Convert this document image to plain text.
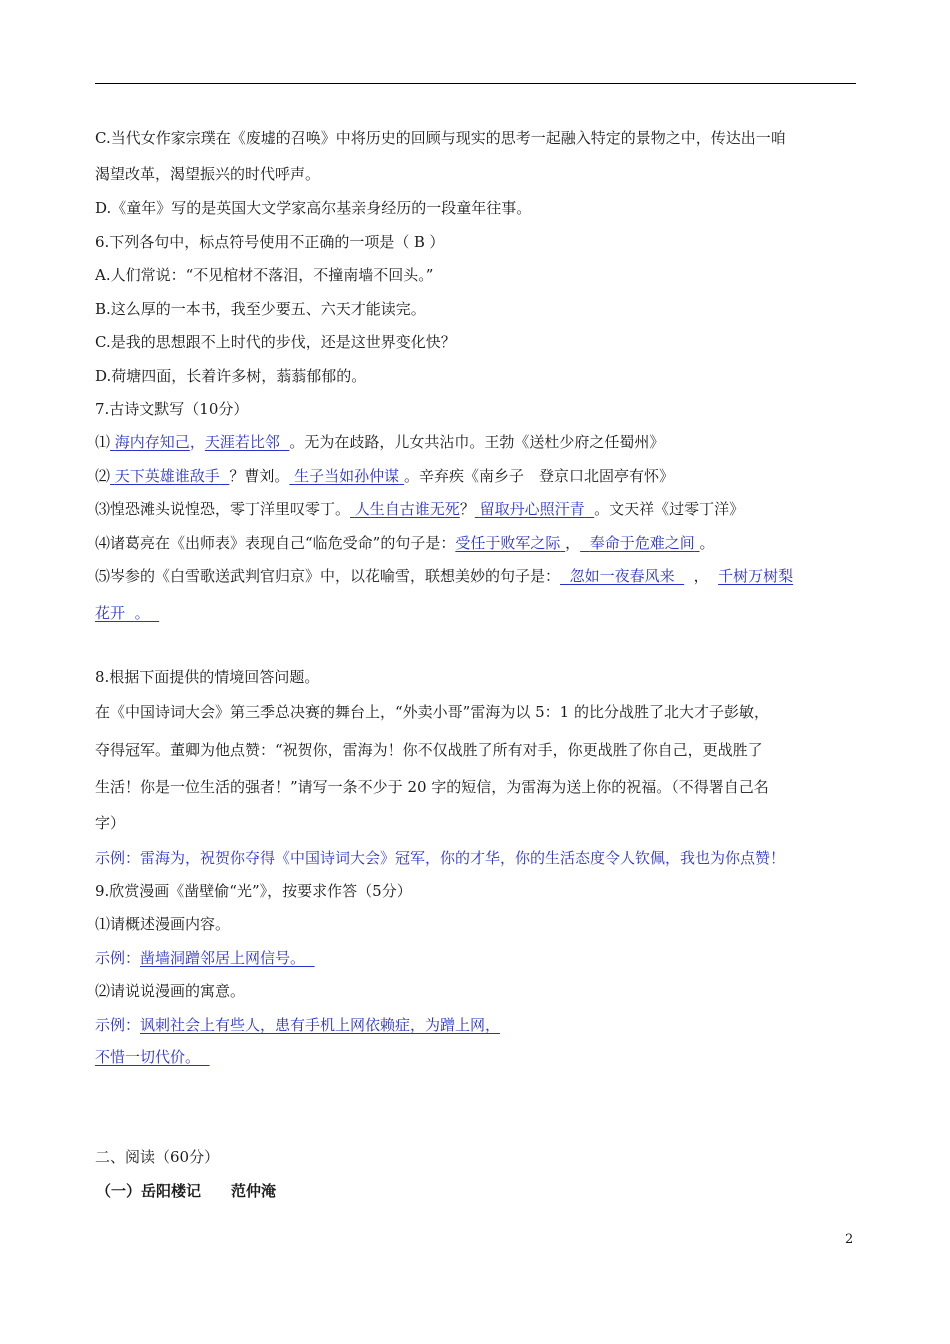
C.当代女作家宗璞在《废墟的召唤》中将历史的回顾与现实的思考一起融入特定的景物之中，传达出一咱
渴望改革，渴望振兴的时代呼声。
D.《童年》写的是英国大文学家高尔基亲身经历的一段童年往事。
6.下列各句中，标点符号使用不正确的一项是（ B ）
A.人们常说：“不见棺材不落泪，不撞南墙不回头。”
B.这么厚的一本书，我至少要五、六天才能读完。
C.是我的思想跟不上时代的步伐，还是这世界变化快？
D.荷塘四面，长着许多树，蓊蓊郁郁的。
7.古诗文默写（10分）
⑴ 海内存知己，天涯若比邻 。无为在歧路，儿女共沾巾。王勃《送杜少府之任蜀州》
⑵ 天下英雄谁敌手 ？曹刘。 生子当如孙仲谋 。辛弃疾《南乡子　登京口北固亭有怀》
⑶惶恐滩头说惶恐，零丁洋里叹零丁。 人生自古谁无死？ 留取丹心照汗青 。文天祥《过零丁洋》
⑷诸葛亮在《出师表》表现自己“临危受命”的句子是：受任于败军之际 ， 奉命于危难之间 。
⑸岑参的《白雪歌送武判官归京》中，以花喻雪，联想美妙的句子是： 忽如一夜春风来 ， 千树万树梨
花开 。
8.根据下面提供的情境回答问题。
在《中国诗词大会》第三季总决赛的舞台上，“外卖小哥”雷海为以 5：1 的比分战胜了北大才子彭敏，
夺得冠军。董卿为他点赞：“祝贺你，雷海为！你不仅战胜了所有对手，你更战胜了你自己，更战胜了
生活！你是一位生活的强者！”请写一条不少于 20 字的短信，为雷海为送上你的祝福。（不得署自己名
字）
示例：雷海为，祝贺你夺得《中国诗词大会》冠军，你的才华，你的生活态度令人钦佩，我也为你点赞！
9.欣赏漫画《凿壁偷“光”》，按要求作答（5分）
⑴请概述漫画内容。
示例：凿墙洞蹭邻居上网信号。
⑵请说说漫画的寓意。
示例：讽刺社会上有些人，患有手机上网依赖症，为蹭上网，
不惜一切代价。
二、阅读（60分）
（一）岳阳楼记　　范仲淹
2
